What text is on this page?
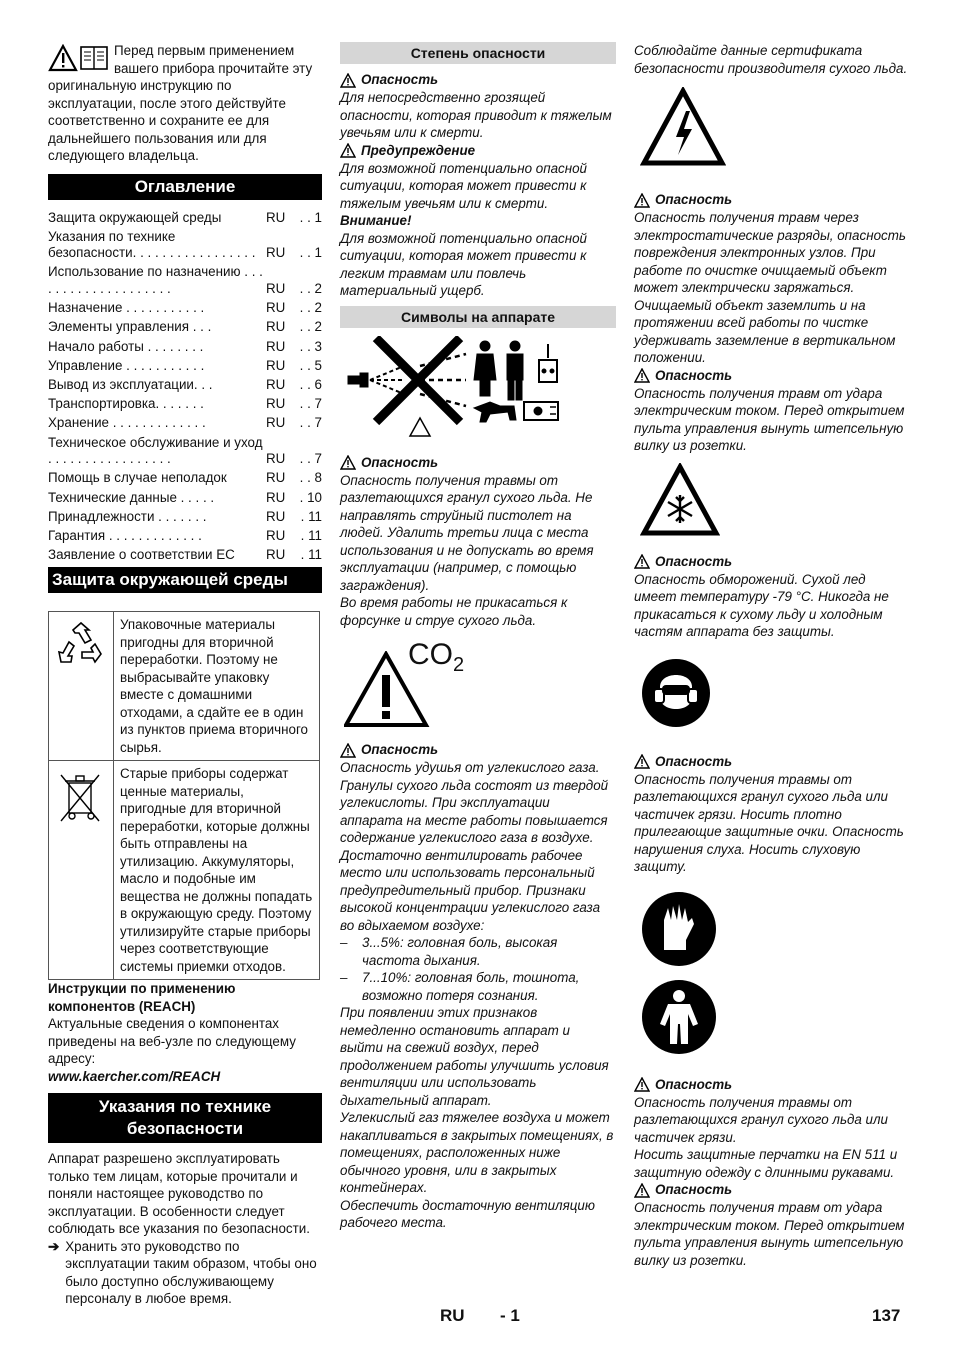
Перед первым применением вашего прибора прочитайте эту оригинальную инструкцию по эксплуатации, после этого действуйте соответственно и сохраните ее для дальнейшего пользования или для следующего владельца.

Оглавление
Защита окружающей среды	RU	. . 1
Указания по технике безопасности. . . . . . . . . . . . . . . . .	RU	. . 1
Использование по назначению . . . . . . . . . . . . . . . . . . . .	RU	. . 2
Назначение . . . . . . . . . . .	RU	. . 2
Элементы управления . . .	RU	. . 2
Начало работы . . . . . . . .	RU	. . 3
Управление . . . . . . . . . . .	RU	. . 5
Вывод из эксплуатации. . .	RU	. . 6
Транспортировка. . . . . . .	RU	. . 7
Хранение . . . . . . . . . . . . .	RU	. . 7
Техническое обслуживание и уход . . . . . . . . . . . . . . . . .	RU	. . 7
Помощь в случае неполадок	RU	. . 8
Технические данные . . . . .	RU	. 10
Принадлежности . . . . . . .	RU	. 11
Гарантия . . . . . . . . . . . . .	RU	. 11
Заявление о соответствии ЕС	RU	. 11
Защита окружающей среды
	Упаковочные материалы пригодны для вторичной переработки. Поэтому не выбрасывайте упаковку вместе с домашними отходами, а сдайте ее в один из пунктов приема вторичного сырья.
	Старые приборы содержат ценные материалы, пригодные для вторичной переработки, которые должны быть отправлены на утилизацию. Аккумуляторы, масло и подобные им вещества не должны попадать в окружающую среду. Поэтому утилизируйте старые приборы через соответствующие системы приемки отходов.

Инструкции по применению компонентов (REACH)

Актуальные сведения о компонентах приведены на веб-узле по следующему адресу:

www.kaercher.com/REACH

Указания по технике безопасности

Аппарат разрешено эксплуатировать только тем лицам, которые прочитали и поняли настоящее руководство по эксплуатации. В особенности следует соблюдать все указания по безопасности.

➔ Хранить это руководство по эксплуатации таким образом, чтобы оно было доступно обслуживающему персоналу в любое время.
Степень опасности
Опасность

Для непосредственно грозящей опасности, которая приводит к тяжелым увечьям или к смерти.

Предупреждение

Для возможной потенциально опасной ситуации, которая может привести к тяжелым увечьям или к смерти.

Внимание!

Для возможной потенциально опасной ситуации, которая может привести к легким травмам или повлечь материальный ущерб.

Символы на аппарате
Опасность

Опасность получения травмы от разлетающихся гранул сухого льда. Не направлять струйный пистолет на людей. Удалить третьи лица с места использования и не допускать во время эксплуатации (например, с помощью заграждения).

Во время работы не прикасаться к форсунке и струе сухого льда.

$CO_2$
Опасность

Опасность удушья от углекислого газа. Гранулы сухого льда состоят из твердой углекислоты. При эксплуатации аппарата на месте работы повышается содержание углекислого газа в воздухе. Достаточно вентилировать рабочее место или использовать персональный предупредительный прибор. Признаки высокой концентрации углекислого газа во вдыхаемом воздухе:

–	3...5%: головная боль, высокая частота дыхания.
–	7...10%: головная боль, тошнота, возможно потеря сознания.

При появлении этих признаков немедленно остановить аппарат и выйти на свежий воздух, перед продолжением работы улучшить условия вентиляции или использовать дыхательный аппарат.

Углекислый газ тяжелее воздуха и может накапливаться в закрытых помещениях, в помещениях, расположенных ниже обычного уровня, или в закрытых контейнерах.

Обеспечить достаточную вентиляцию рабочего места.

Соблюдайте данные сертификата безопасности производителя сухого льда.

Опасность

Опасность получения травм через электростатические разряды, опасность повреждения электронных узлов. При работе по очистке очищаемый объект может электрически заряжаться. Очищаемый объект заземлить и на протяжении всей работы по чистке удерживать заземление в вертикальном положении.

Опасность

Опасность получения травм от удара электрическим током. Перед открытием пульта управления вынуть штепсельную вилку из розетки.

Опасность

Опасность обморожений. Сухой лед имеет температуру -79 °C. Никогда не прикасаться к сухому льду и холодным частям аппарата без защиты.

Опасность

Опасность получения травмы от разлетающихся гранул сухого льда или частичек грязи. Носить плотно прилегающие защитные очки. Опасность нарушения слуха. Носить слуховую защиту.

Опасность

Опасность получения травмы от разлетающихся гранул сухого льда или частичек грязи.

Носить защитные перчатки на EN 511 и защитную одежду с длинными рукавами.

Опасность

Опасность получения травм от удара электрическим током. Перед открытием пульта управления вынуть штепсельную вилку из розетки.

RU - 1	137
